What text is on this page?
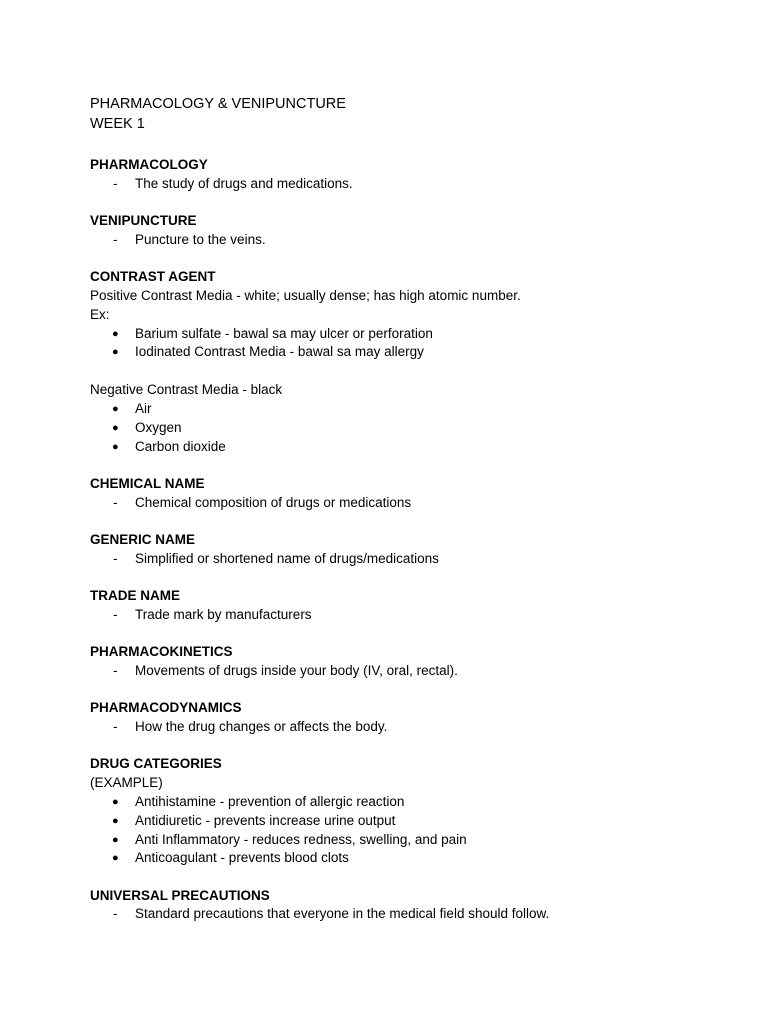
PHARMACOLOGY & VENIPUNCTURE
WEEK 1
PHARMACOLOGY
- The study of drugs and medications.
VENIPUNCTURE
- Puncture to the veins.
CONTRAST AGENT
Positive Contrast Media - white; usually dense; has high atomic number.
Ex:
● Barium sulfate - bawal sa may ulcer or perforation
● Iodinated Contrast Media - bawal sa may allergy
Negative Contrast Media - black
● Air
● Oxygen
● Carbon dioxide
CHEMICAL NAME
- Chemical composition of drugs or medications
GENERIC NAME
- Simplified or shortened name of drugs/medications
TRADE NAME
- Trade mark by manufacturers
PHARMACOKINETICS
- Movements of drugs inside your body (IV, oral, rectal).
PHARMACODYNAMICS
- How the drug changes or affects the body.
DRUG CATEGORIES
(EXAMPLE)
● Antihistamine - prevention of allergic reaction
● Antidiuretic - prevents increase urine output
● Anti Inflammatory - reduces redness, swelling, and pain
● Anticoagulant - prevents blood clots
UNIVERSAL PRECAUTIONS
- Standard precautions that everyone in the medical field should follow.
